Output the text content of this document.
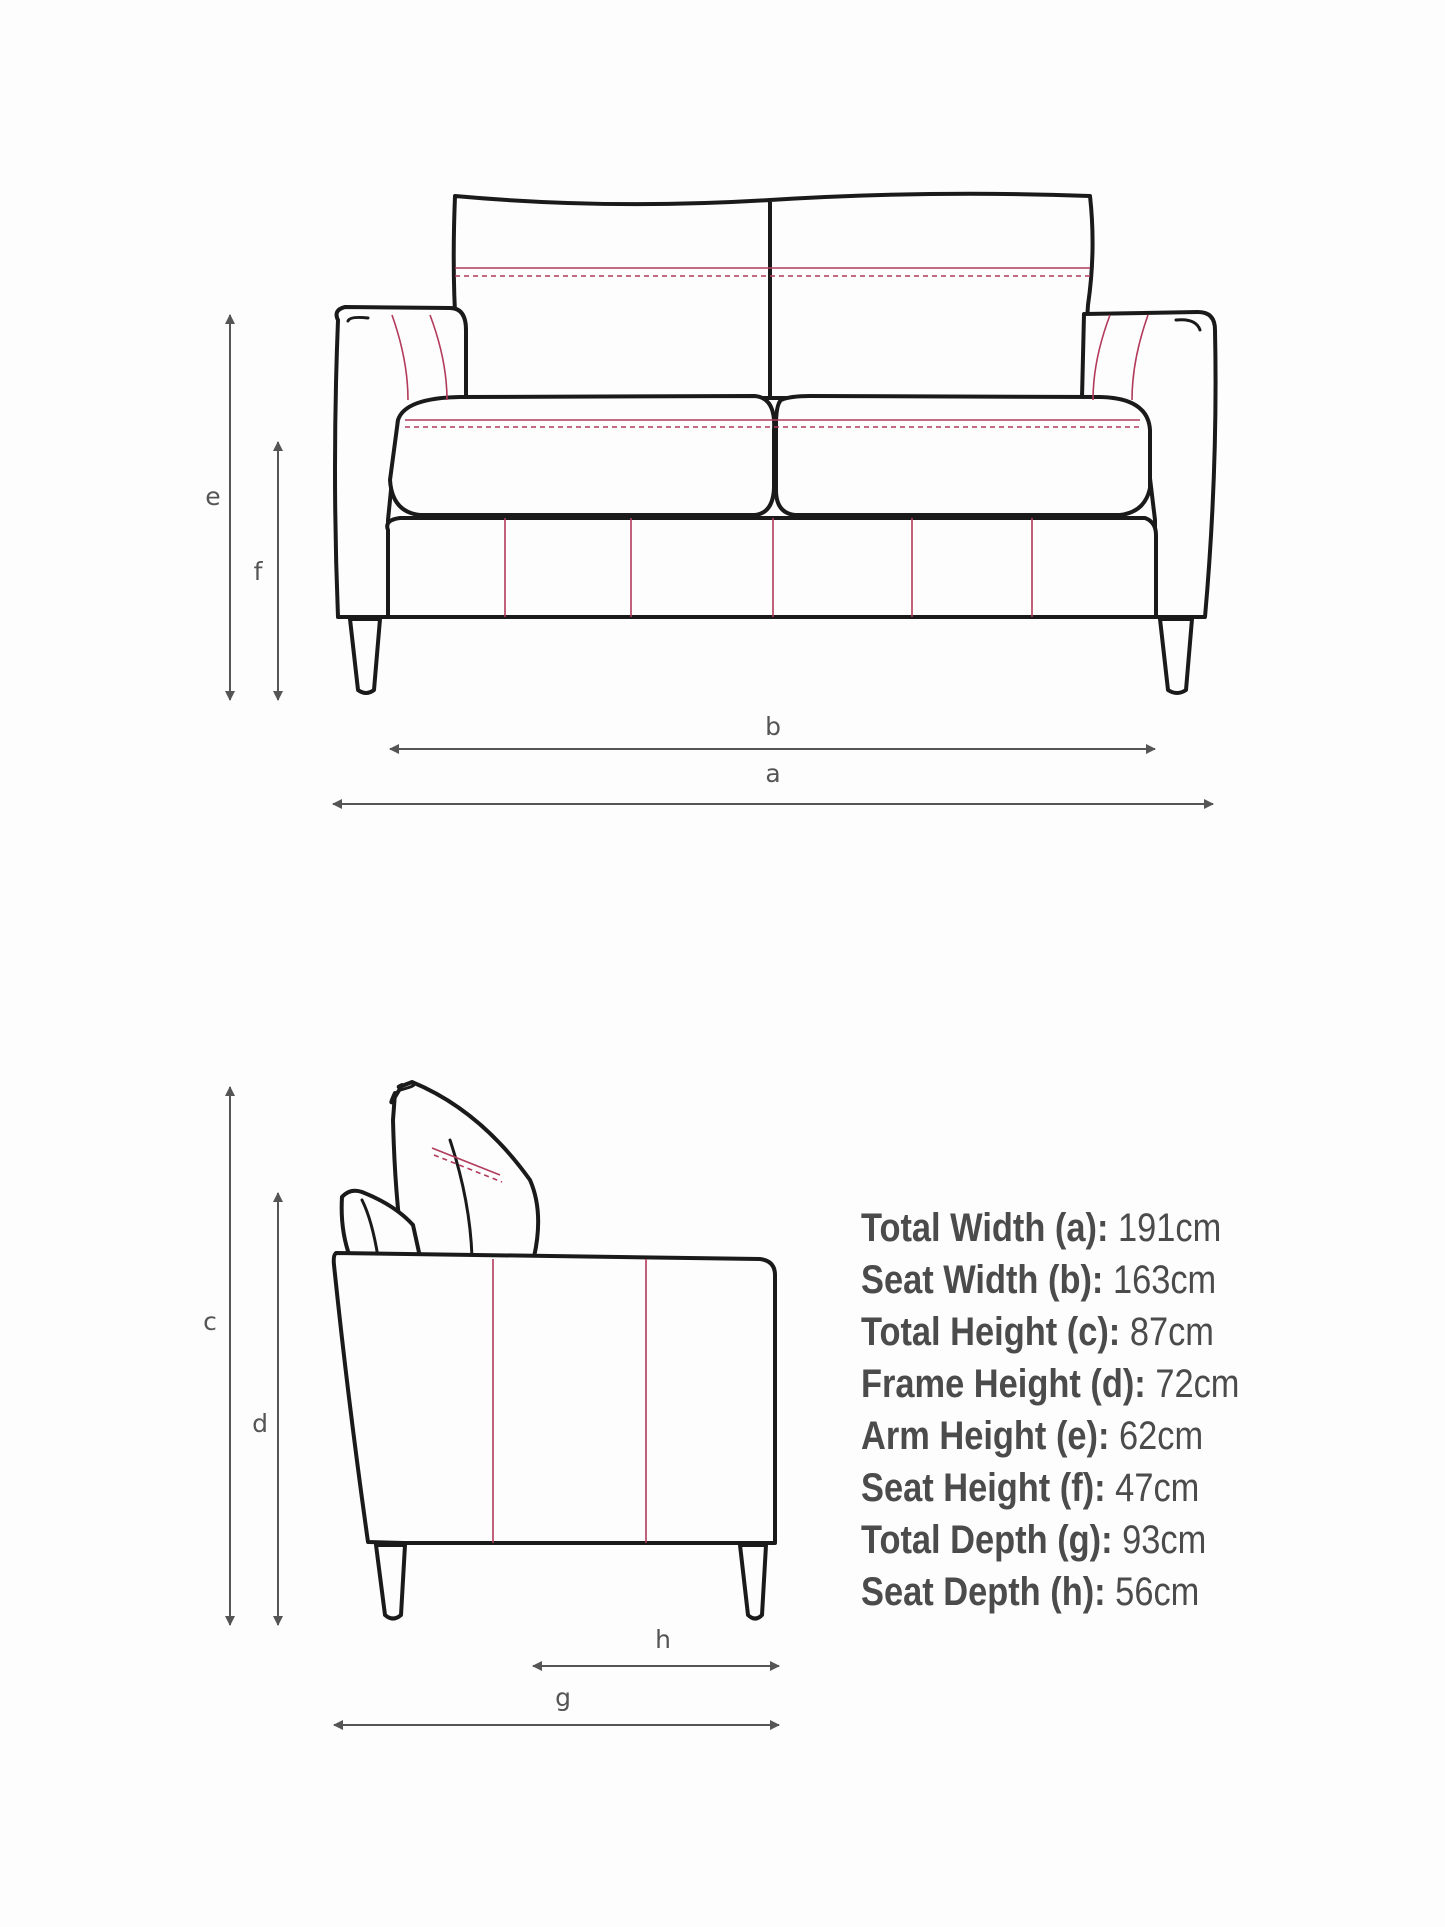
e
f
b
a
c
d
h
g
Total Width (a): 191cm
Seat Width (b): 163cm
Total Height (c): 87cm
Frame Height (d): 72cm
Arm Height (e): 62cm
Seat Height (f): 47cm
Total Depth (g): 93cm
Seat Depth (h): 56cm
